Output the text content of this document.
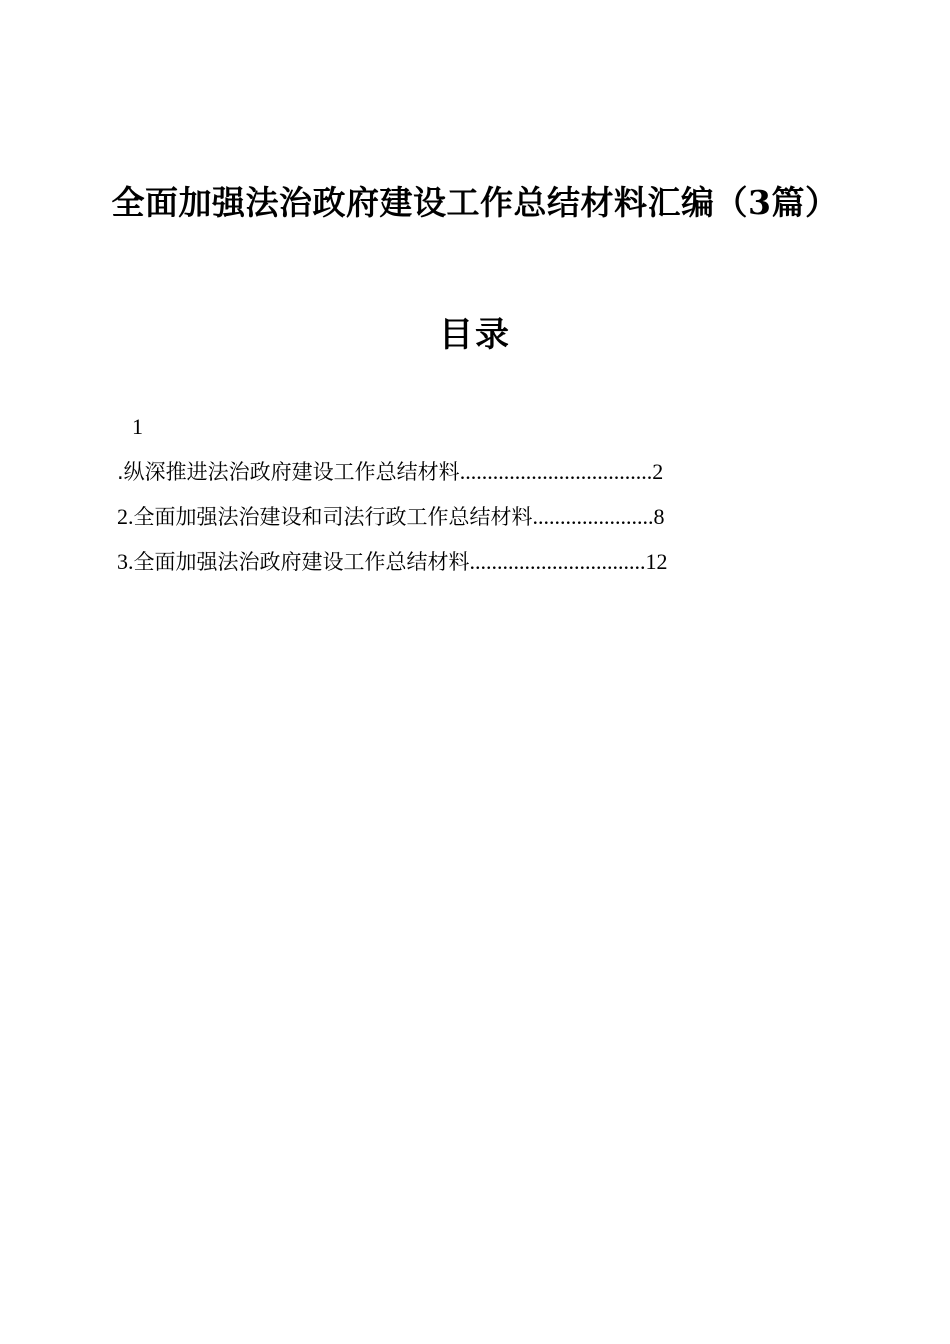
全面加强法治政府建设工作总结材料汇编（3篇）
目录
1
.纵深推进法治政府建设工作总结材料 ................................... 2
2. 全面加强法治建设和司法行政工作总结材料 ...................... 8
3. 全面加强法治政府建设工作总结材料 ................................ 12
